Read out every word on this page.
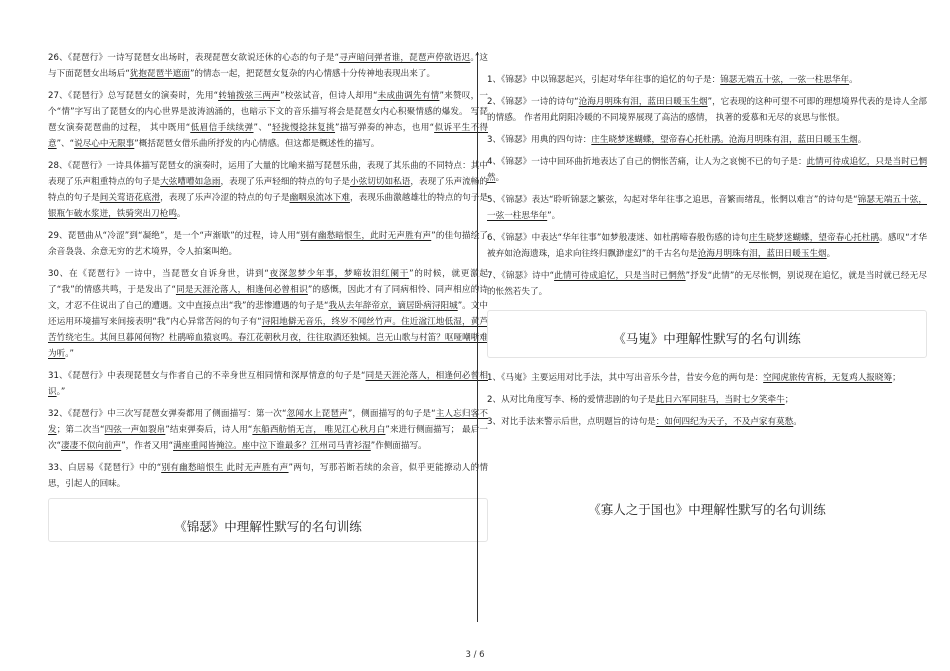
26、《琵琶行》一诗写琵琶女出场时，表现琵琶女欲说还休的心态的句子是“寻声暗问弹者谁，琵琶声停欲语迟。”这与下面琵琶女出场后“犹抱琵琶半遮面”的情态一起，把琵琶女复杂的内心情感十分传神地表现出来了。

27、《琵琶行》总写琵琶女的演奏时，先用“转轴拨弦三两声”校弦试音，但诗人却用“未成曲调先有情”来赞叹，一个“情”字写出了琵琶女的内心世界是波涛汹涌的，也暗示下文的音乐描写将会是琵琶女内心积聚情感的爆发。 写琵琶女演奏琵琶曲的过程， 其中既用“低眉信手续续弹”、“轻拢慢捻抹复挑”描写弹奏的神态，也用“似诉平生不得意”、“说尽心中无限事”概括琵琶女借乐曲所抒发的内心情感。但这都是概述性的描写。

28、《琵琶行》一诗具体描写琵琶女的演奏时，运用了大量的比喻来描写琵琶乐曲，表现了其乐曲的不同特点：其中表现了乐声粗重特点的句子是大弦嘈嘈如急雨，表现了乐声轻细的特点的句子是小弦切切如私语，表现了乐声流畅的特点的句子是间关莺语花底滑，表现了乐声冷涩的特点的句子是幽咽泉流冰下难，表现乐曲激越雄壮的特点的句子是银瓶乍破水浆迸，铁骑突出刀枪鸣。

29、琵琶曲从“冷涩”到“凝绝”，是一个“声渐歇”的过程，诗人用“别有幽愁暗恨生，此时无声胜有声”的佳句描绘了余音袅袅、余意无穷的艺术境界，令人拍案叫绝。

30、在《琵琶行》一诗中，当琵琶女自诉身世，讲到“夜深忽梦少年事，梦啼妆泪红阑干”的时候，就更激起了“我”的情感共鸣，于是发出了“同是天涯沦落人，相逢何必曾相识”的感慨，因此才有了同病相怜、同声相应的诗文，才忍不住说出了自己的遭遇。文中直接点出“我”的悲惨遭遇的句子是“我从去年辞帝京，谪居卧病浔阳城”。文中还运用环境描写来间接表明“我”内心异常苦闷的句子有“浔阳地僻无音乐，终岁不闻丝竹声。住近湓江地低湿，黄芦苦竹绕宅生。其间旦暮闻何物？杜鹃啼血猿哀鸣。春江花朝秋月夜，往往取酒还独倾。岂无山歌与村笛？呕哑嘲哳难为听。”

31、《琵琶行》中表现琵琶女与作者自己的不幸身世互相同情和深厚情意的句子是“同是天涯沦落人，相逢何必曾相识。”

32、《琵琶行》中三次写琵琶女弹奏都用了侧面描写：第一次“忽闻水上琵琶声”，侧面描写的句子是“主人忘归客不发；第二次当“四弦一声如裂帛”结束弹奏后，诗人用“东船西舫悄无言， 唯见江心秋月白”来进行侧面描写； 最后一次“凄凄不似向前声”，作者又用“满座重闻皆掩泣。座中泣下谁最多？江州司马青衫湿”作侧面描写。

33、白居易《琵琶行》中的“别有幽愁暗恨生 此时无声胜有声”两句，写那若断若续的余音，似乎更能撩动人的情思，引起人的回味。

《锦瑟》中理解性默写的名句训练

1、《锦瑟》中以锦瑟起兴，引起对华年往事的追忆的句子是：锦瑟无端五十弦，一弦一柱思华年。

2、《锦瑟》一诗的诗句“沧海月明珠有泪，蓝田日暖玉生烟”，它表现的这种可望不可即的理想境界代表的是诗人全部的情感。 作者用此阴阳冷暖的不同境界展现了高洁的感情， 执著的爱慕和无尽的哀思与怅恨。

3、《锦瑟》用典的四句诗：庄生晓梦迷蝴蝶，望帝春心托杜鹃。沧海月明珠有泪，蓝田日暖玉生烟。

4、《锦瑟》一诗中回环曲折地表达了自己的惘怅苦痛，让人为之哀惋不已的句子是：此情可待成追忆，只是当时已惘然。

5、《锦瑟》表达“聆听锦瑟之繁弦，勾起对华年往事之追思，音繁而绪乱，怅惘以难言”的诗句是“锦瑟无端五十弦，一弦一柱思华年”。

6、《锦瑟》中表达“华年往事”如梦般凄迷、如杜鹃啼春般伤感的诗句庄生晓梦迷蝴蝶，望帝春心托杜鹃。感叹“才华被弃如沧海遗珠，追求向往终归飘渺虚幻”的千古名句是沧海月明珠有泪，蓝田日暖玉生烟。

7、《锦瑟》诗中“此情可待成追忆，只是当时已惘然”抒发“此情”的无尽怅惘，别说现在追忆，就是当时就已经无尽的怅然若失了。

《马嵬》中理解性默写的名句训练

1、《马嵬》主要运用对比手法，其中写出音乐今昔，昔安今危的两句是：空闻虎旅传宵柝，无复鸡人报晓筹；

2、从对比角度写李、杨的爱情悲剧的句子是此日六军同驻马，当时七夕笑牵牛；

3、对比手法来警示后世，点明题旨的诗句是：如何四纪为天子，不及卢家有莫愁。

《寡人之于国也》中理解性默写的名句训练

3 / 6
